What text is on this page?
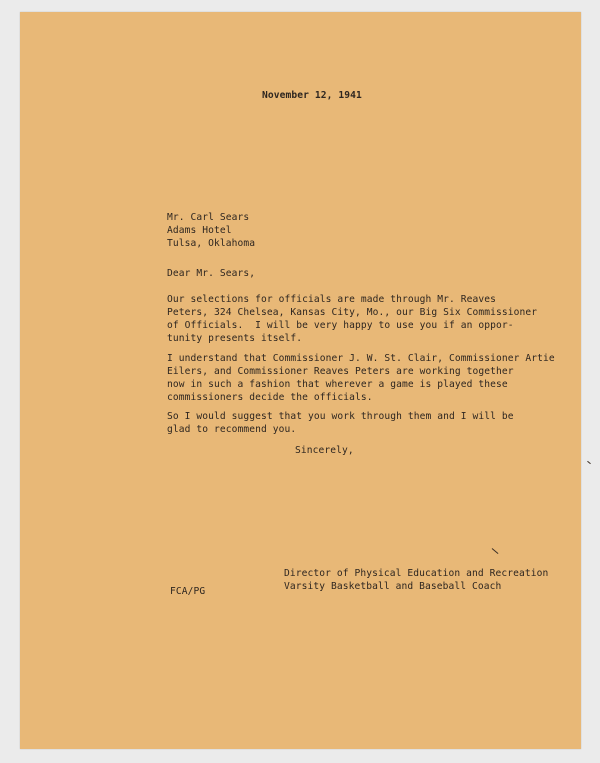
November 12, 1941
Mr. Carl Sears
Adams Hotel
Tulsa, Oklahoma
Dear Mr. Sears,
Our selections for officials are made through Mr. Reaves
Peters, 324 Chelsea, Kansas City, Mo., our Big Six Commissioner
of Officials.  I will be very happy to use you if an oppor-
tunity presents itself.
I understand that Commissioner J. W. St. Clair, Commissioner Artie
Eilers, and Commissioner Reaves Peters are working together
now in such a fashion that wherever a game is played these
commissioners decide the officials.
So I would suggest that you work through them and I will be
glad to recommend you.
Sincerely,
Director of Physical Education and Recreation
Varsity Basketball and Baseball Coach
FCA/PG
